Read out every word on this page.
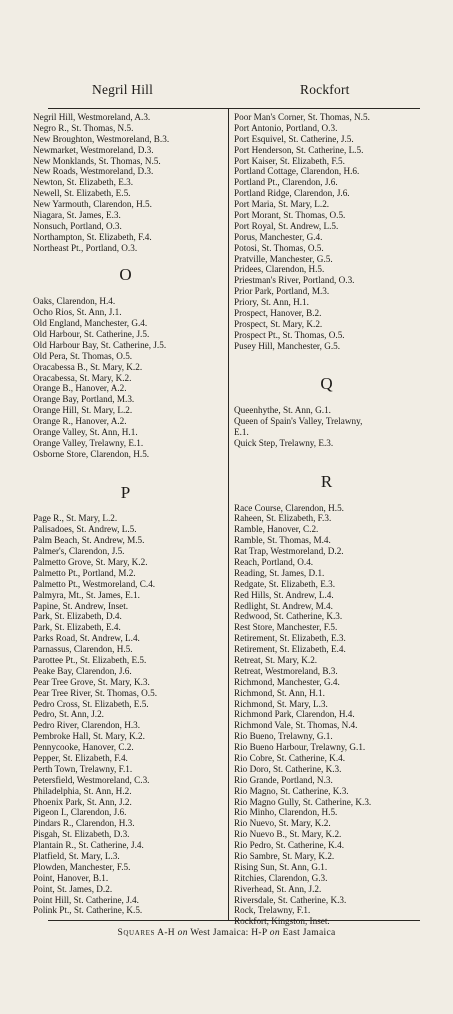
Negril Hill	Rockfort
Negril Hill, Westmoreland, A.3.
Negro R., St. Thomas, N.5.
New Broughton, Westmoreland, B.3.
Newmarket, Westmoreland, D.3.
New Monklands, St. Thomas, N.5.
New Roads, Westmoreland, D.3.
Newton, St. Elizabeth, E.3.
Newell, St. Elizabeth, E.5.
New Yarmouth, Clarendon, H.5.
Niagara, St. James, E.3.
Nonsuch, Portland, O.3.
Northampton, St. Elizabeth, F.4.
Northeast Pt., Portland, O.3.
O
Oaks, Clarendon, H.4.
Ocho Rios, St. Ann, J.1.
Old England, Manchester, G.4.
Old Harbour, St. Catherine, J.5.
Old Harbour Bay, St. Catherine, J.5.
Old Pera, St. Thomas, O.5.
Oracabessa B., St. Mary, K.2.
Oracabessa, St. Mary, K.2.
Orange B., Hanover, A.2.
Orange Bay, Portland, M.3.
Orange Hill, St. Mary, L.2.
Orange R., Hanover, A.2.
Orange Valley, St. Ann, H.1.
Orange Valley, Trelawny, E.1.
Osborne Store, Clarendon, H.5.
P
Page R., St. Mary, L.2.
Palisadoes, St. Andrew, L.5.
Palm Beach, St. Andrew, M.5.
Palmer's, Clarendon, J.5.
Palmetto Grove, St. Mary, K.2.
Palmetto Pt., Portland, M.2.
Palmetto Pt., Westmoreland, C.4.
Palmyra, Mt., St. James, E.1.
Papine, St. Andrew, Inset.
Park, St. Elizabeth, D.4.
Park, St. Elizabeth, E.4.
Parks Road, St. Andrew, L.4.
Parnassus, Clarendon, H.5.
Parottee Pt., St. Elizabeth, E.5.
Peake Bay, Clarendon, J.6.
Pear Tree Grove, St. Mary, K.3.
Pear Tree River, St. Thomas, O.5.
Pedro Cross, St. Elizabeth, E.5.
Pedro, St. Ann, J.2.
Pedro River, Clarendon, H.3.
Pembroke Hall, St. Mary, K.2.
Pennycooke, Hanover, C.2.
Pepper, St. Elizabeth, F.4.
Perth Town, Trelawny, F.1.
Petersfield, Westmoreland, C.3.
Philadelphia, St. Ann, H.2.
Phoenix Park, St. Ann, J.2.
Pigeon I., Clarendon, J.6.
Pindars R., Clarendon, H.3.
Pisgah, St. Elizabeth, D.3.
Plantain R., St. Catherine, J.4.
Platfield, St. Mary, L.3.
Plowden, Manchester, F.5.
Point, Hanover, B.1.
Point, St. James, D.2.
Point Hill, St. Catherine, J.4.
Polink Pt., St. Catherine, K.5.
Poor Man's Corner, St. Thomas, N.5.
Port Antonio, Portland, O.3.
Port Esquivel, St. Catherine, J.5.
Port Henderson, St. Catherine, L.5.
Port Kaiser, St. Elizabeth, F.5.
Portland Cottage, Clarendon, H.6.
Portland Pt., Clarendon, J.6.
Portland Ridge, Clarendon, J.6.
Port Maria, St. Mary, L.2.
Port Morant, St. Thomas, O.5.
Port Royal, St. Andrew, L.5.
Porus, Manchester, G.4.
Potosi, St. Thomas, O.5.
Pratville, Manchester, G.5.
Pridees, Clarendon, H.5.
Priestman's River, Portland, O.3.
Prior Park, Portland, M.3.
Priory, St. Ann, H.1.
Prospect, Hanover, B.2.
Prospect, St. Mary, K.2.
Prospect Pt., St. Thomas, O.5.
Pusey Hill, Manchester, G.5.
Q
Queenhythe, St. Ann, G.1.
Queen of Spain's Valley, Trelawny,
E.1.
Quick Step, Trelawny, E.3.
R
Race Course, Clarendon, H.5.
Raheen, St. Elizabeth, F.3.
Ramble, Hanover, C.2.
Ramble, St. Thomas, M.4.
Rat Trap, Westmoreland, D.2.
Reach, Portland, O.4.
Reading, St. James, D.1.
Redgate, St. Elizabeth, E.3.
Red Hills, St. Andrew, L.4.
Redlight, St. Andrew, M.4.
Redwood, St. Catherine, K.3.
Rest Store, Manchester, F.5.
Retirement, St. Elizabeth, E.3.
Retirement, St. Elizabeth, E.4.
Retreat, St. Mary, K.2.
Retreat, Westmoreland, B.3.
Richmond, Manchester, G.4.
Richmond, St. Ann, H.1.
Richmond, St. Mary, L.3.
Richmond Park, Clarendon, H.4.
Richmond Vale, St. Thomas, N.4.
Rio Bueno, Trelawny, G.1.
Rio Bueno Harbour, Trelawny, G.1.
Rio Cobre, St. Catherine, K.4.
Rio Doro, St. Catherine, K.3.
Rio Grande, Portland, N.3.
Rio Magno, St. Catherine, K.3.
Rio Magno Gully, St. Catherine, K.3.
Rio Minho, Clarendon, H.5.
Rio Nuevo, St. Mary, K.2.
Rio Nuevo B., St. Mary, K.2.
Rio Pedro, St. Catherine, K.4.
Rio Sambre, St. Mary, K.2.
Rising Sun, St. Ann, G.1.
Ritchies, Clarendon, G.3.
Riverhead, St. Ann, J.2.
Riversdale, St. Catherine, K.3.
Rock, Trelawny, F.1.
Rockfort, Kingston, Inset.
Squares A-H on West Jamaica: H-P on East Jamaica
